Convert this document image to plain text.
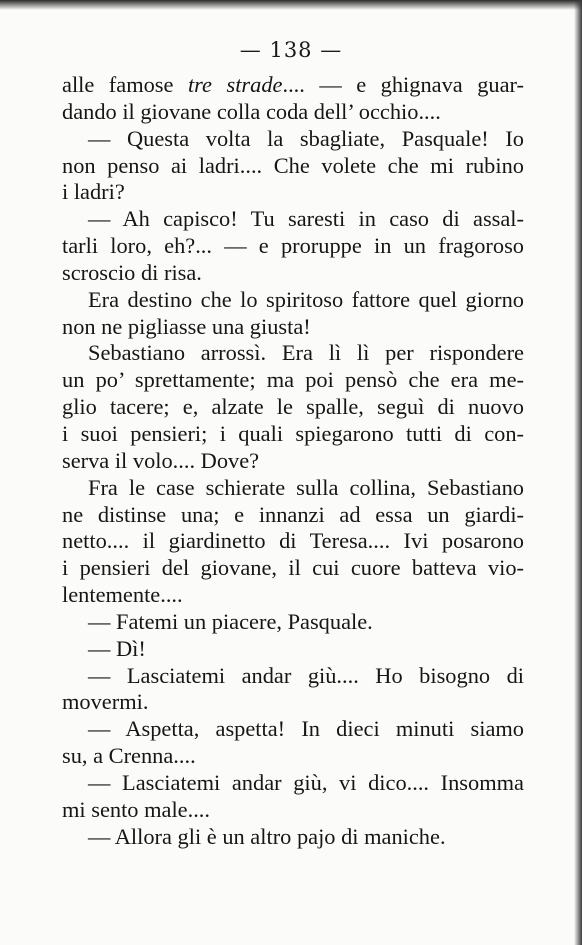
— 138 —
alle famose tre strade.... — e ghignava guar-
dando il giovane colla coda dell’ occhio....
— Questa volta la sbagliate, Pasquale! Io
non penso ai ladri.... Che volete che mi rubino
i ladri?
— Ah capisco! Tu saresti in caso di assal-
tarli loro, eh?... — e proruppe in un fragoroso
scroscio di risa.
Era destino che lo spiritoso fattore quel giorno
non ne pigliasse una giusta!
Sebastiano arrossì. Era lì lì per rispondere
un po’ sprettamente; ma poi pensò che era me-
glio tacere; e, alzate le spalle, seguì di nuovo
i suoi pensieri; i quali spiegarono tutti di con-
serva il volo.... Dove?
Fra le case schierate sulla collina, Sebastiano
ne distinse una; e innanzi ad essa un giardi-
netto.... il giardinetto di Teresa.... Ivi posarono
i pensieri del giovane, il cui cuore batteva vio-
lentemente....
— Fatemi un piacere, Pasquale.
— Dì!
— Lasciatemi andar giù.... Ho bisogno di
movermi.
— Aspetta, aspetta! In dieci minuti siamo
su, a Crenna....
— Lasciatemi andar giù, vi dico.... Insomma
mi sento male....
— Allora gli è un altro pajo di maniche.
